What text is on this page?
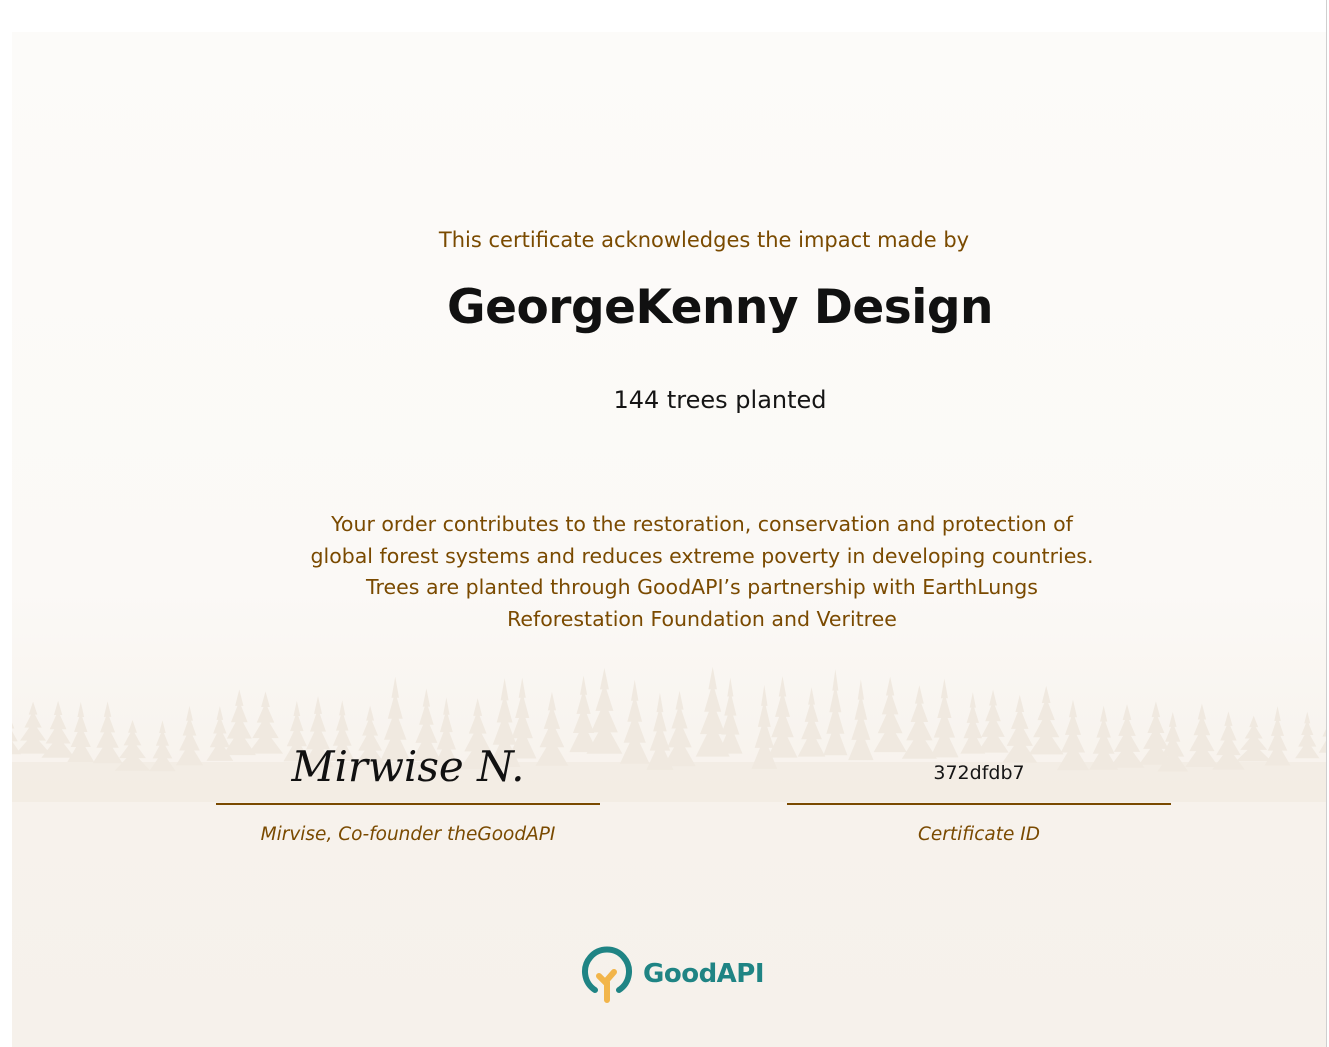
This certificate acknowledges the impact made by
GeorgeKenny Design
144 trees planted
Your order contributes to the restoration, conservation and protection of
global forest systems and reduces extreme poverty in developing countries.
Trees are planted through GoodAPI’s partnership with EarthLungs
Reforestation Foundation and Veritree
Mirwise N.
Mirvise, Co-founder theGoodAPI
372dfdb7
Certificate ID
GoodAPI
